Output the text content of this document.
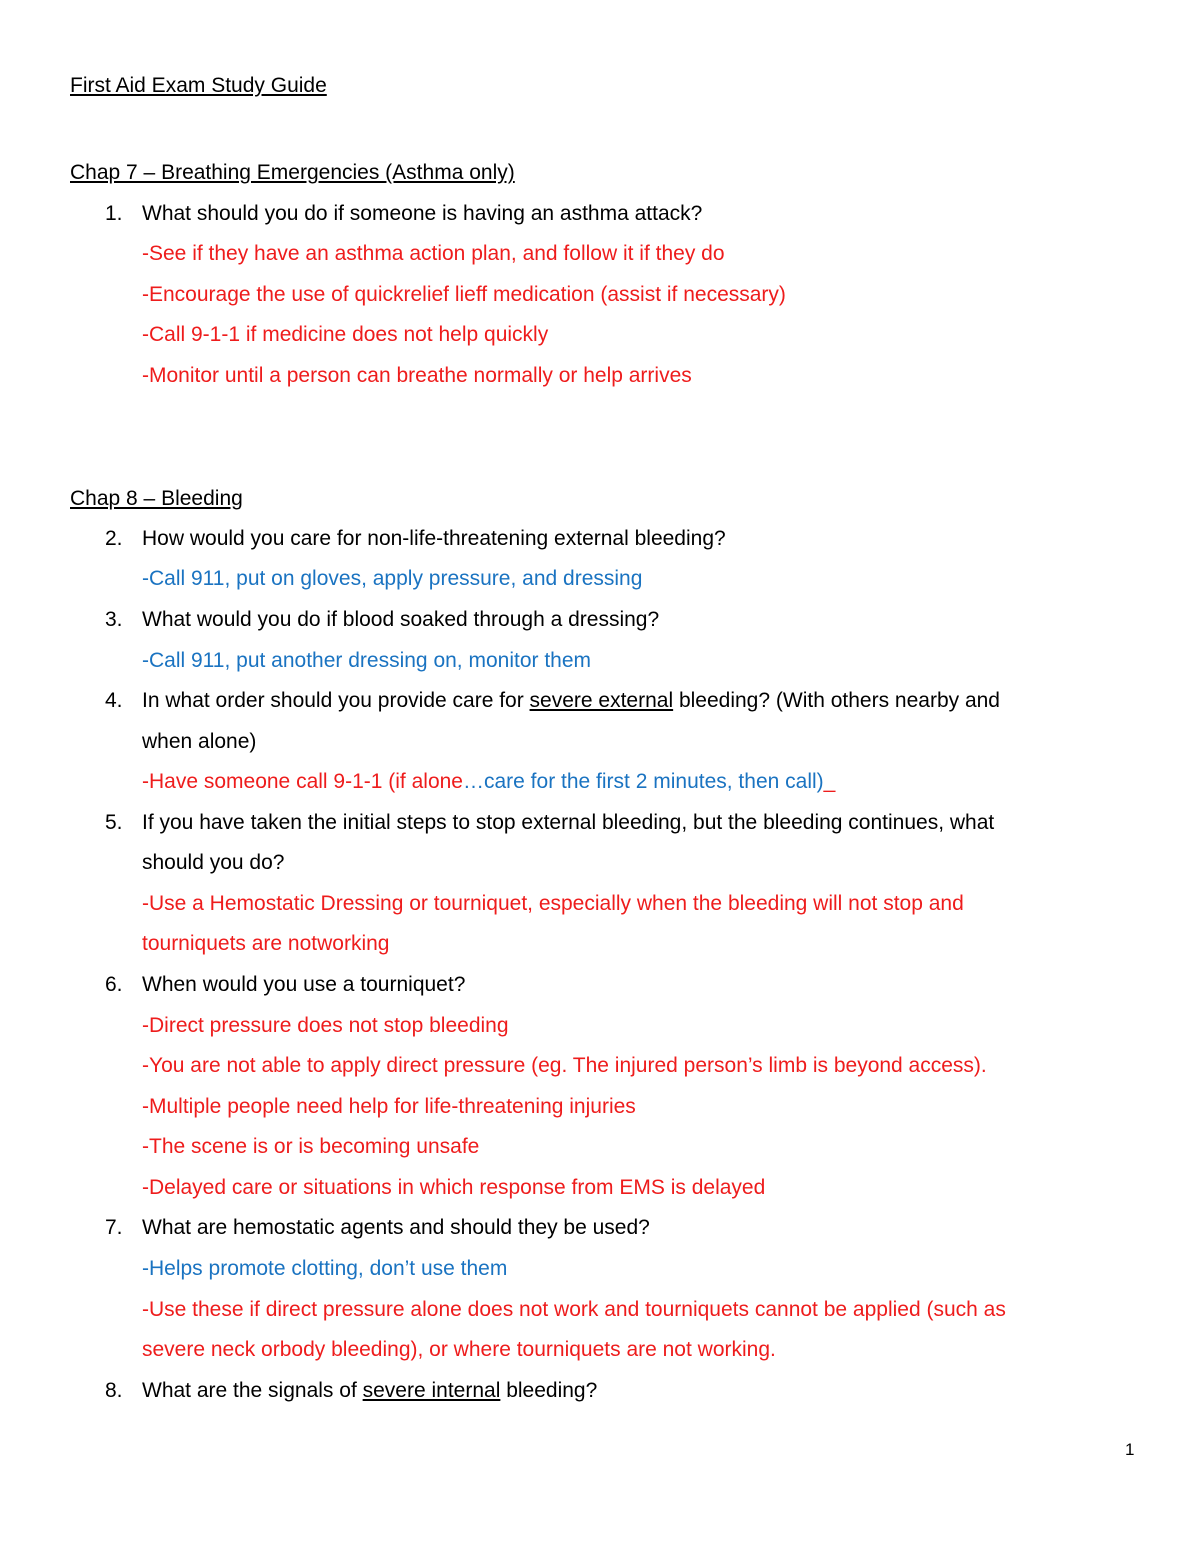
First Aid Exam Study Guide
Chap 7 – Breathing Emergencies (Asthma only)
1. What should you do if someone is having an asthma attack?
-See if they have an asthma action plan, and follow it if they do
-Encourage the use of quickrelief lieff medication (assist if necessary)
-Call 9-1-1 if medicine does not help quickly
-Monitor until a person can breathe normally or help arrives
Chap 8 – Bleeding
2. How would you care for non-life-threatening external bleeding?
-Call 911, put on gloves, apply pressure, and dressing
3. What would you do if blood soaked through a dressing?
-Call 911, put another dressing on, monitor them
4. In what order should you provide care for severe external bleeding? (With others nearby and
when alone)
-Have someone call 9-1-1 (if alone…care for the first 2 minutes, then call)_
5. If you have taken the initial steps to stop external bleeding, but the bleeding continues, what
should you do?
-Use a Hemostatic Dressing or tourniquet, especially when the bleeding will not stop and
tourniquets are notworking
6. When would you use a tourniquet?
-Direct pressure does not stop bleeding
-You are not able to apply direct pressure (eg. The injured person’s limb is beyond access).
-Multiple people need help for life-threatening injuries
-The scene is or is becoming unsafe
-Delayed care or situations in which response from EMS is delayed
7. What are hemostatic agents and should they be used?
-Helps promote clotting, don’t use them
-Use these if direct pressure alone does not work and tourniquets cannot be applied (such as
severe neck orbody bleeding), or where tourniquets are not working.
8. What are the signals of severe internal bleeding?
1
